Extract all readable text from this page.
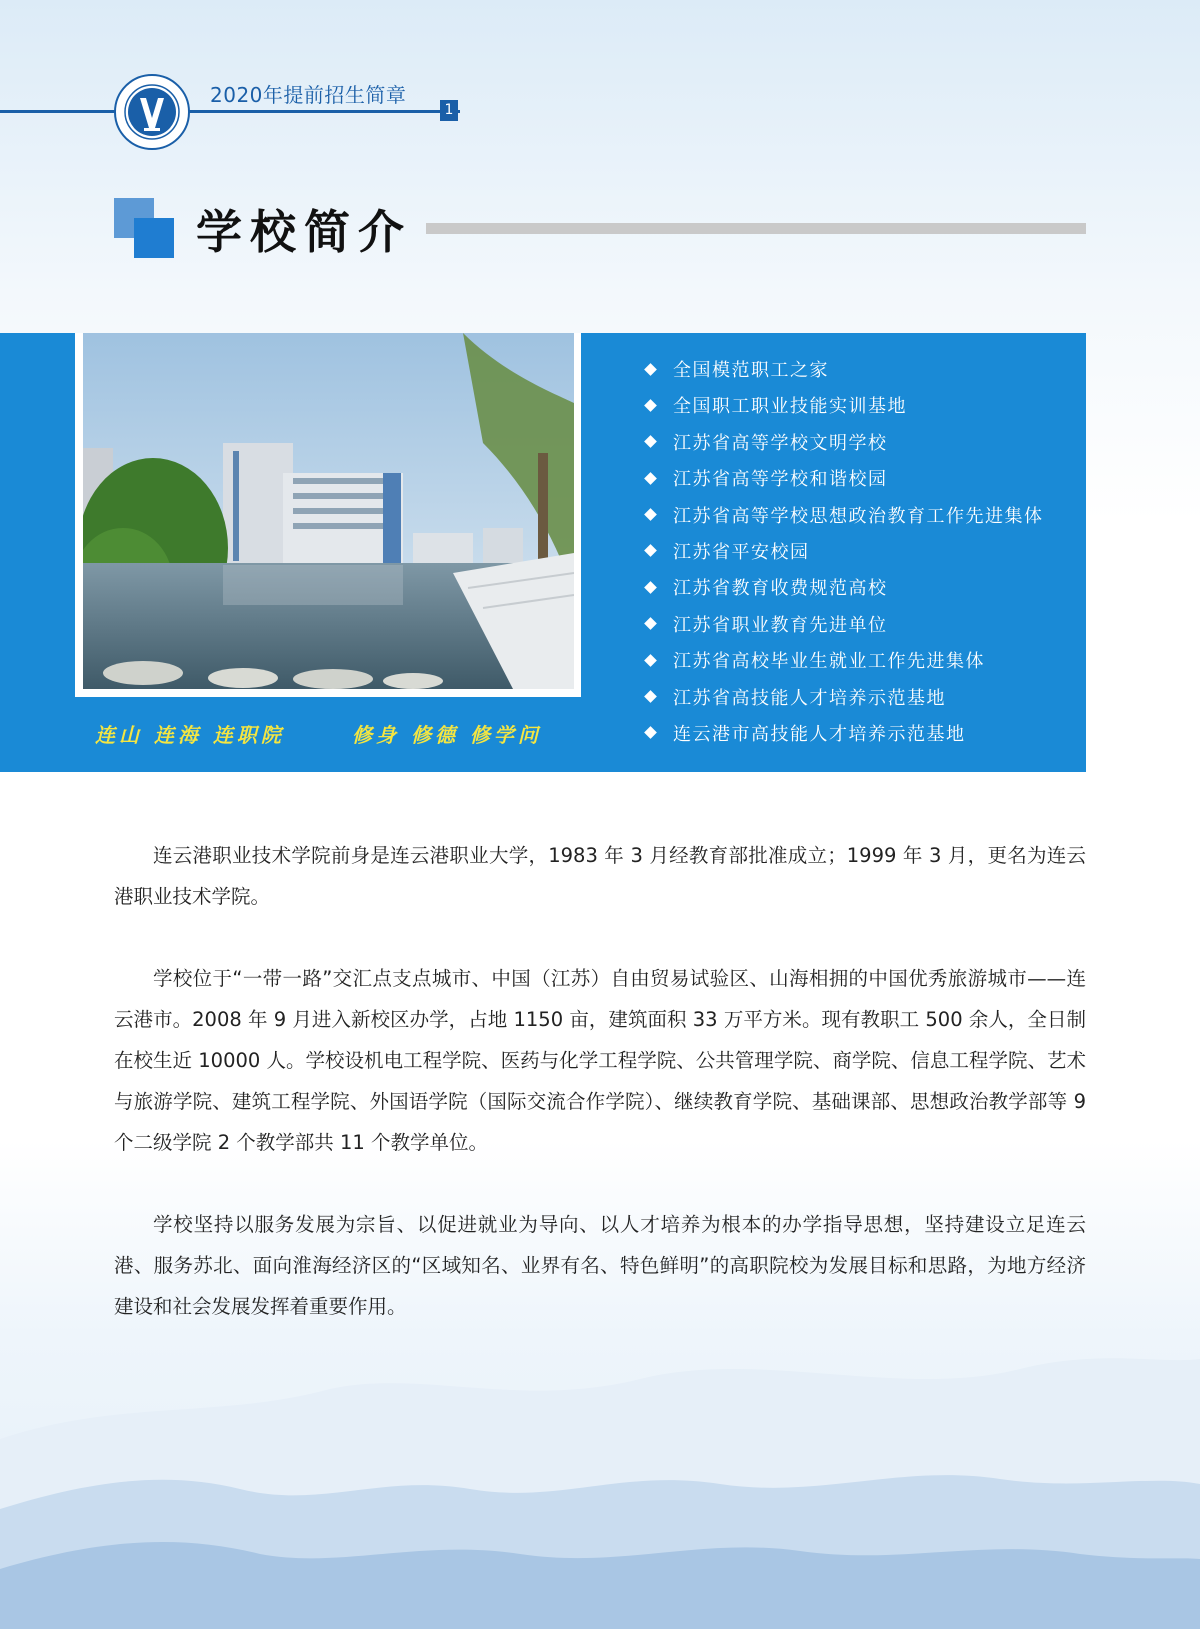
2020年提前招生简章
1
学校简介
连山 连海 连职院	修身 修德 修学问
全国模范职工之家
全国职工职业技能实训基地
江苏省高等学校文明学校
江苏省高等学校和谐校园
江苏省高等学校思想政治教育工作先进集体
江苏省平安校园
江苏省教育收费规范高校
江苏省职业教育先进单位
江苏省高校毕业生就业工作先进集体
江苏省高技能人才培养示范基地
连云港市高技能人才培养示范基地

连云港职业技术学院前身是连云港职业大学，1983 年 3 月经教育部批准成立；1999 年 3 月，更名为连云港职业技术学院。

学校位于“一带一路”交汇点支点城市、中国（江苏）自由贸易试验区、山海相拥的中国优秀旅游城市——连云港市。2008 年 9 月进入新校区办学，占地 1150 亩，建筑面积 33 万平方米。现有教职工 500 余人，全日制在校生近 10000 人。学校设机电工程学院、医药与化学工程学院、公共管理学院、商学院、信息工程学院、艺术与旅游学院、建筑工程学院、外国语学院（国际交流合作学院）、继续教育学院、基础课部、思想政治教学部等 9 个二级学院 2 个教学部共 11 个教学单位。

学校坚持以服务发展为宗旨、以促进就业为导向、以人才培养为根本的办学指导思想，坚持建设立足连云港、服务苏北、面向淮海经济区的“区域知名、业界有名、特色鲜明”的高职院校为发展目标和思路，为地方经济建设和社会发展发挥着重要作用。
